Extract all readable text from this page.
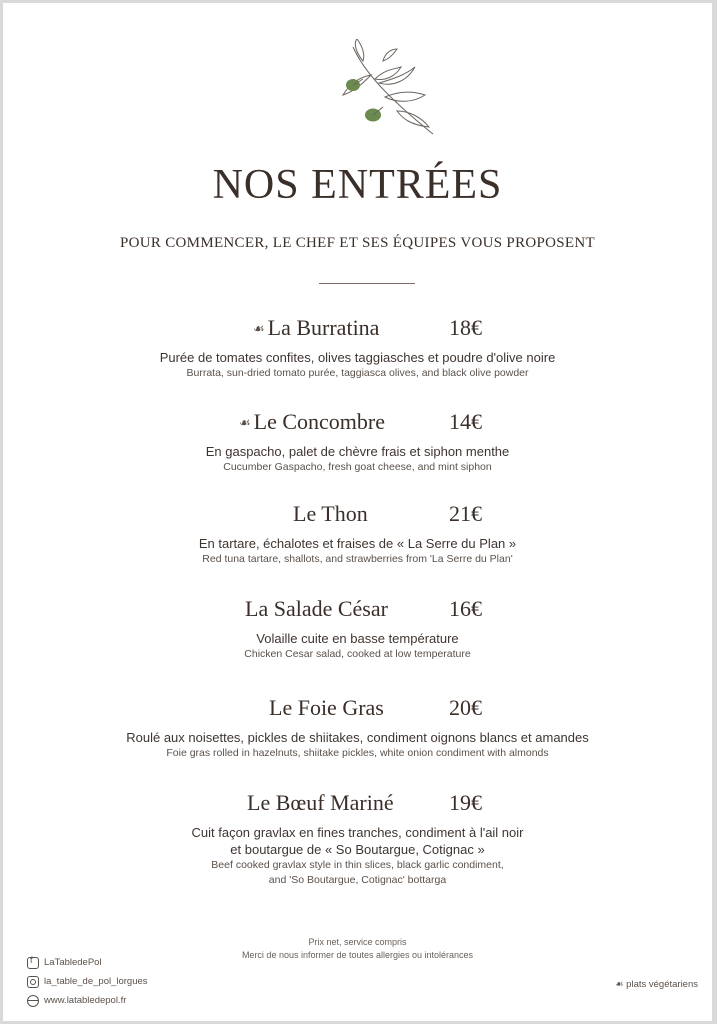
NOS ENTRÉES
POUR COMMENCER, LE CHEF ET SES ÉQUIPES VOUS PROPOSENT
☙ La Burratina	18€
Purée de tomates confites, olives taggiasches et poudre d'olive noire
Burrata, sun-dried tomato purée, taggiasca olives, and black olive powder
☙ Le Concombre	14€
En gaspacho, palet de chèvre frais et siphon menthe
Cucumber Gaspacho, fresh goat cheese, and mint siphon
Le Thon	21€
En tartare, échalotes et fraises de « La Serre du Plan »
Red tuna tartare, shallots, and strawberries from 'La Serre du Plan'
La Salade César	16€
Volaille cuite en basse température
Chicken Cesar salad, cooked at low temperature
Le Foie Gras	20€
Roulé aux noisettes, pickles de shiitakes, condiment oignons blancs et amandes
Foie gras rolled in hazelnuts, shiitake pickles, white onion condiment with almonds
Le Bœuf Mariné	19€
Cuit façon gravlax en fines tranches, condiment à l'ail noir
et boutargue de « So Boutargue, Cotignac »
Beef cooked gravlax style in thin slices, black garlic condiment,
and 'So Boutargue, Cotignac' bottarga
Prix net, service compris
Merci de nous informer de toutes allergies ou intolérances
f
LaTabledePol
la_table_de_pol_lorgues
www.latabledepol.fr
☙ plats végétariens
